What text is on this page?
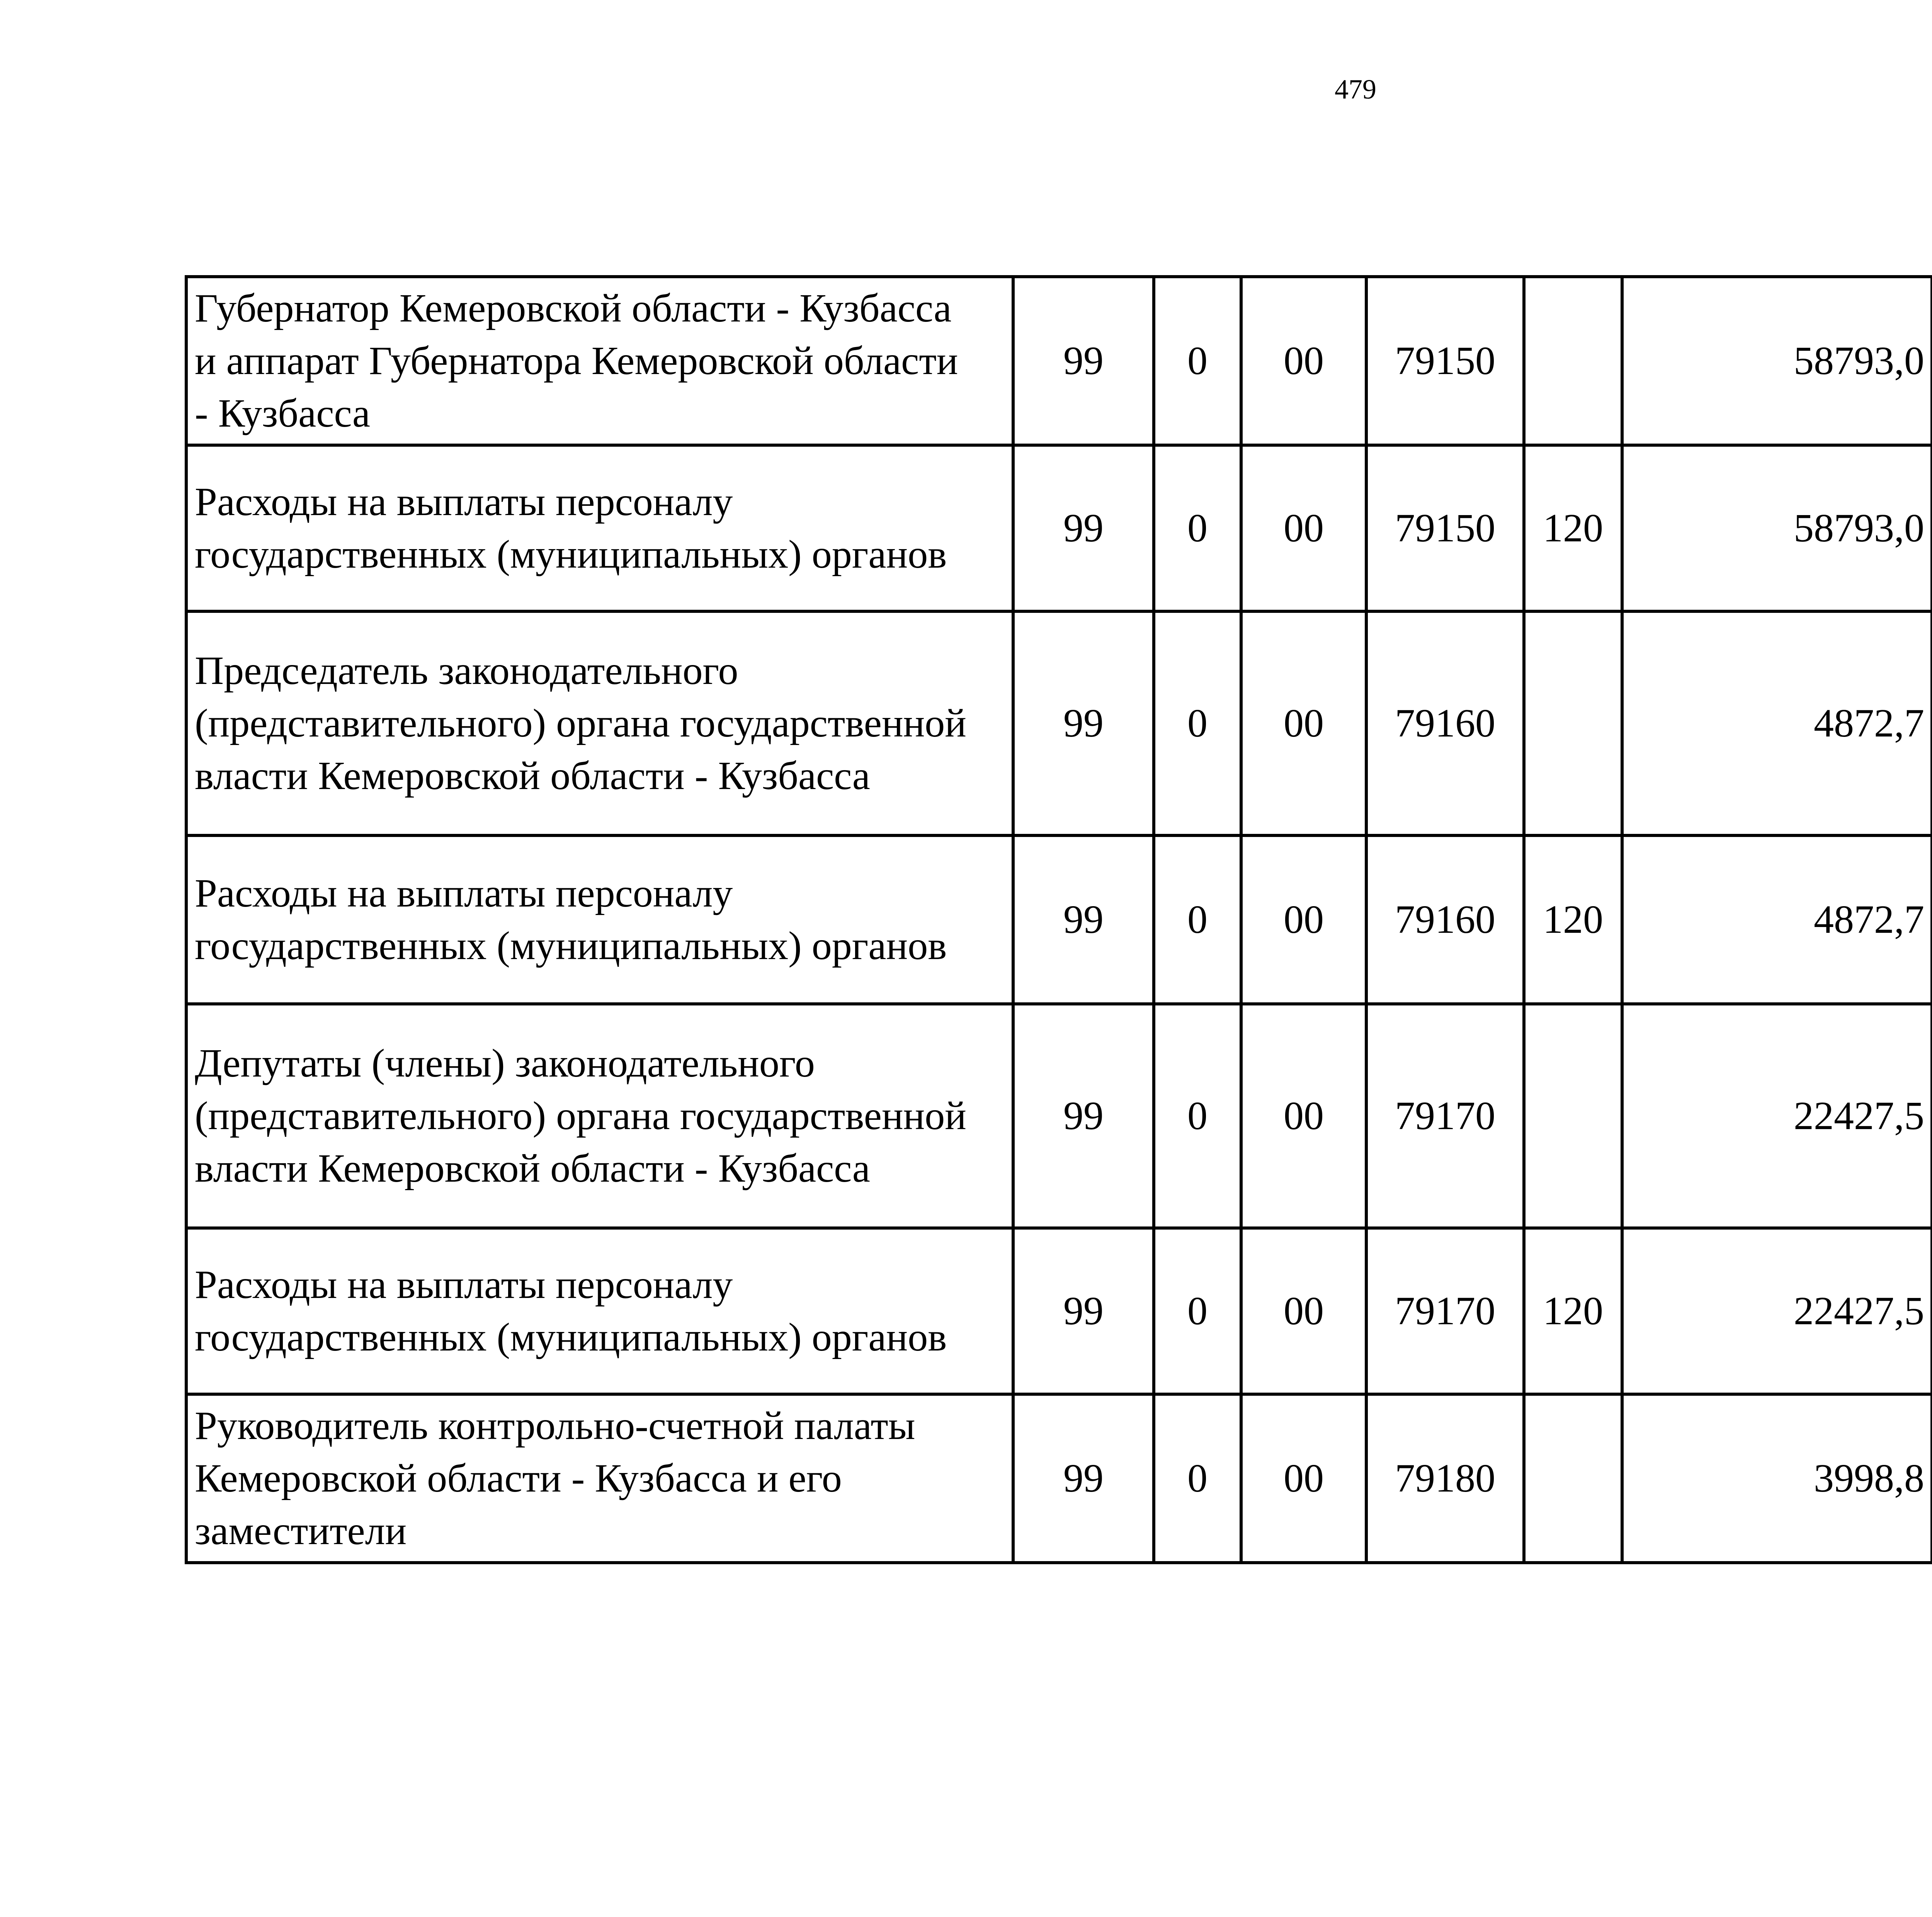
479
Губернатор Кемеровской области - Кузбасса
и аппарат Губернатора Кемеровской области
- Кузбасса	99	0	00	79150		58793,0		

Расходы на выплаты персоналу
государственных (муниципальных) органов	99	0	00	79150	120	58793,0		

Председатель законодательного
(представительного) органа государственной
власти Кемеровской области - Кузбасса	99	0	00	79160		4872,7		

Расходы на выплаты персоналу
государственных (муниципальных) органов	99	0	00	79160	120	4872,7		

Депутаты (члены) законодательного
(представительного) органа государственной
власти Кемеровской области - Кузбасса	99	0	00	79170		22427,5		

Расходы на выплаты персоналу
государственных (муниципальных) органов	99	0	00	79170	120	22427,5		

Руководитель контрольно-счетной палаты
Кемеровской области - Кузбасса и его
заместители	99	0	00	79180		3998,8		
